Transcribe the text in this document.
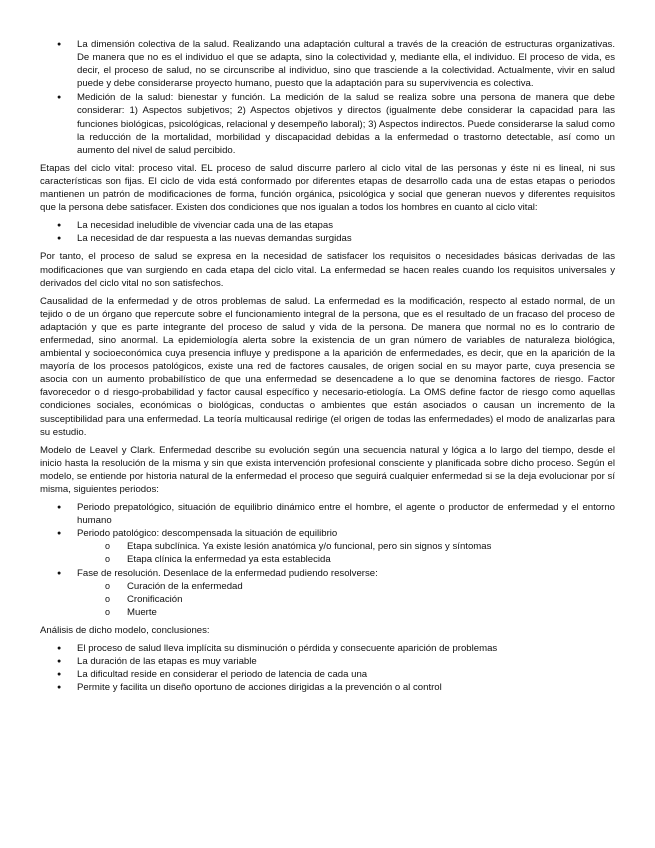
● La dimensión colectiva de la salud. Realizando una adaptación cultural a través de la creación de estructuras organizativas. De manera que no es el individuo el que se adapta, sino la colectividad y, mediante ella, el individuo. El proceso de vida, es decir, el proceso de salud, no se circunscribe al individuo, sino que trasciende a la colectividad. Actualmente, vivir en salud puede y debe considerarse proyecto humano, puesto que la adaptación para su supervivencia es colectiva.
● Medición de la salud: bienestar y función. La medición de la salud se realiza sobre una persona de manera que debe considerar: 1) Aspectos subjetivos; 2) Aspectos objetivos y directos (igualmente debe considerar la capacidad para las funciones biológicas, psicológicas, relacional y desempeño laboral); 3) Aspectos indirectos. Puede considerarse la salud como la reducción de la mortalidad, morbilidad y discapacidad debidas a la enfermedad o trastorno detectable, así como un aumento del nivel de salud percibido.

Etapas del ciclo vital: proceso vital. EL proceso de salud discurre parlero al ciclo vital de las personas y éste ni es lineal, ni sus características son fijas. El ciclo de vida está conformado por diferentes etapas de desarrollo cada una de estas etapas o periodos mantienen un patrón de modificaciones de forma, función orgánica, psicológica y social que generan nuevos y diferentes requisitos que la persona debe satisfacer. Existen dos condiciones que nos igualan a todos los hombres en cuanto al ciclo vital:

● La necesidad ineludible de vivenciar cada una de las etapas
● La necesidad de dar respuesta a las nuevas demandas surgidas

Por tanto, el proceso de salud se expresa en la necesidad de satisfacer los requisitos o necesidades básicas derivadas de las modificaciones que van surgiendo en cada etapa del ciclo vital. La enfermedad se hacen reales cuando los requisitos universales y derivados del ciclo vital no son satisfechos.

Causalidad de la enfermedad y de otros problemas de salud. La enfermedad es la modificación, respecto al estado normal, de un tejido o de un órgano que repercute sobre el funcionamiento integral de la persona, que es el resultado de un fracaso del proceso de adaptación y que es parte integrante del proceso de salud y vida de la persona. De manera que normal no es lo contrario de enfermedad, sino anormal. La epidemiología alerta sobre la existencia de un gran número de variables de naturaleza biológica, ambiental y socioeconómica cuya presencia influye y predispone a la aparición de enfermedades, es decir, que en la aparición de la mayoría de los procesos patológicos, existe una red de factores causales, de origen social en su mayor parte, cuya presencia se asocia con un aumento probabilístico de que una enfermedad se desencadene a lo que se denomina factores de riesgo. Factor favorecedor o d riesgo-probabilidad y factor causal específico y necesario-etiología. La OMS define factor de riesgo como aquellas condiciones sociales, económicas o biológicas, conductas o ambientes que están asociados o causan un incremento de la susceptibilidad para una enfermedad. La teoría multicausal redirige (el origen de todas las enfermedades) el modo de analizarlas para su estudio.

Modelo de Leavel y Clark. Enfermedad describe su evolución según una secuencia natural y lógica a lo largo del tiempo, desde el inicio hasta la resolución de la misma y sin que exista intervención profesional consciente y planificada sobre dicho proceso. Según el modelo, se entiende por historia natural de la enfermedad el proceso que seguirá cualquier enfermedad si se la deja evolucionar por sí misma, siguientes periodos:

● Periodo prepatológico, situación de equilibrio dinámico entre el hombre, el agente o productor de enfermedad y el entorno humano
● Periodo patológico: descompensada la situación de equilibrio
o Etapa subclínica. Ya existe lesión anatómica y/o funcional, pero sin signos y síntomas
o Etapa clínica la enfermedad ya esta establecida
● Fase de resolución. Desenlace de la enfermedad pudiendo resolverse:
o Curación de la enfermedad
o Cronificación
o Muerte

Análisis de dicho modelo, conclusiones:

● El proceso de salud lleva implícita su disminución o pérdida y consecuente aparición de problemas
● La duración de las etapas es muy variable
● La dificultad reside en considerar el periodo de latencia de cada una
● Permite y facilita un diseño oportuno de acciones dirigidas a la prevención o al control
